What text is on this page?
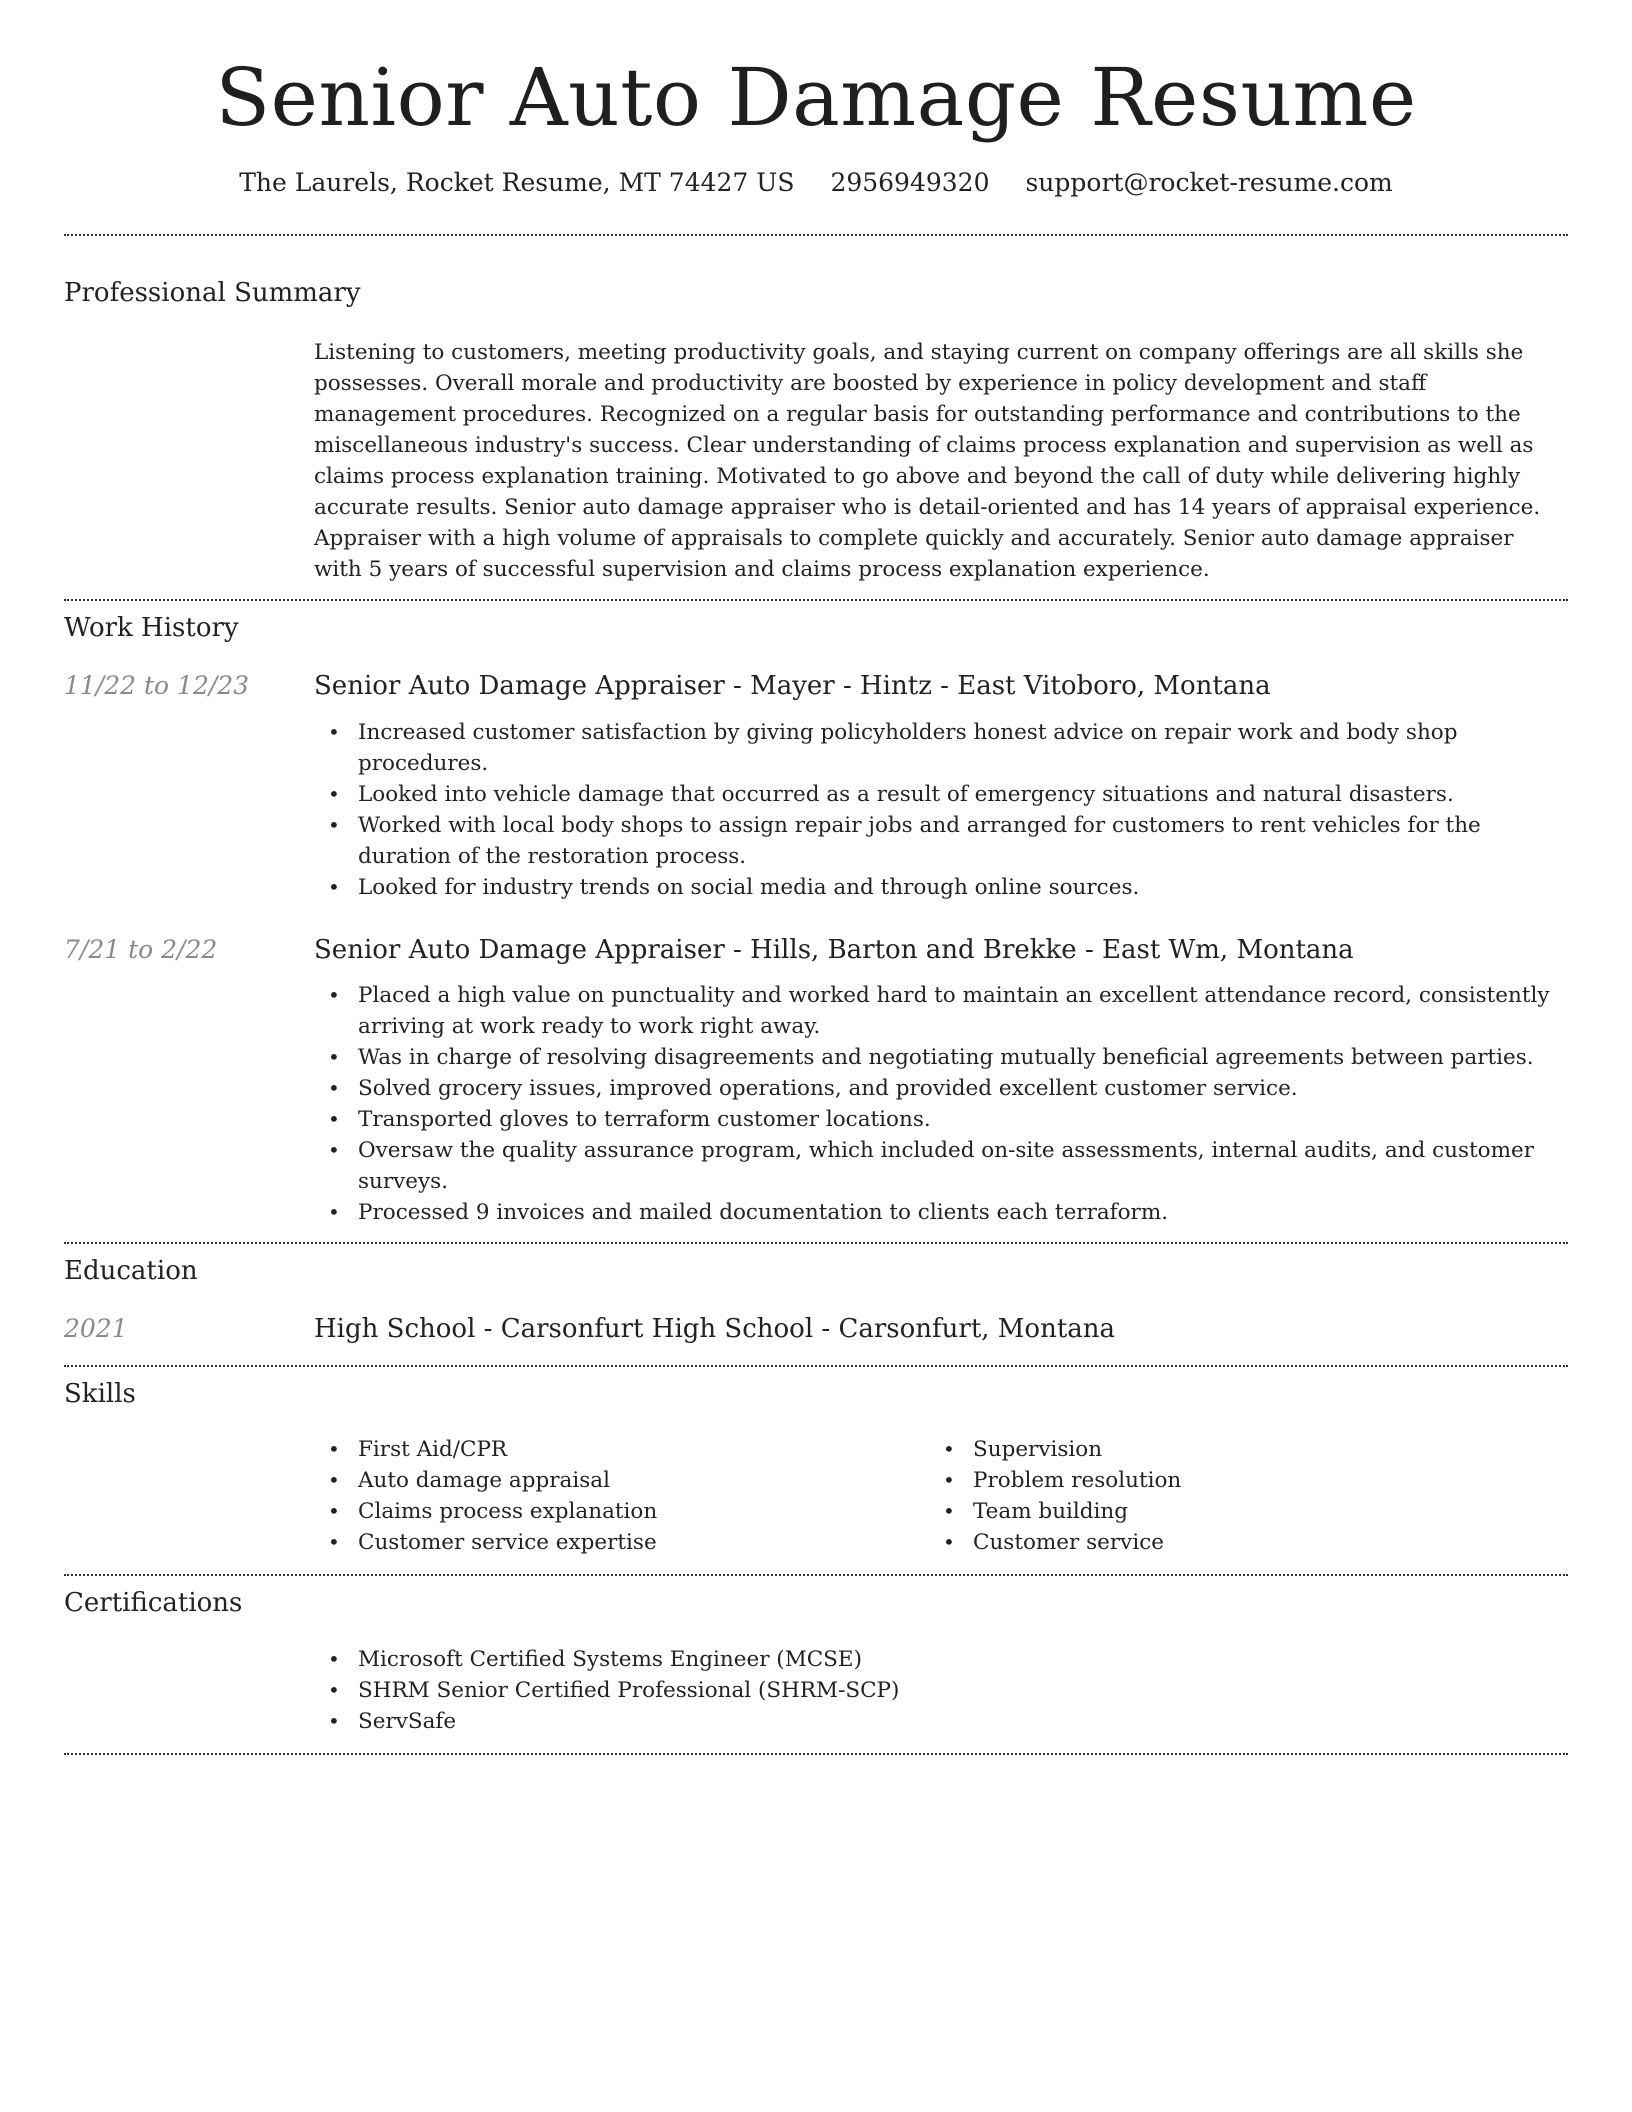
Senior Auto Damage Resume
The Laurels, Rocket Resume, MT 74427 US 2956949320 support@rocket-resume.com
Professional Summary
Listening to customers, meeting productivity goals, and staying current on company offerings are all skills she possesses. Overall morale and productivity are boosted by experience in policy development and staff management procedures. Recognized on a regular basis for outstanding performance and contributions to the miscellaneous industry's success. Clear understanding of claims process explanation and supervision as well as claims process explanation training. Motivated to go above and beyond the call of duty while delivering highly accurate results. Senior auto damage appraiser who is detail-oriented and has 14 years of appraisal experience. Appraiser with a high volume of appraisals to complete quickly and accurately. Senior auto damage appraiser with 5 years of successful supervision and claims process explanation experience.
Work History
11/22 to 12/23	Senior Auto Damage Appraiser - Mayer - Hintz - East Vitoboro, Montana
• Increased customer satisfaction by giving policyholders honest advice on repair work and body shop procedures.
• Looked into vehicle damage that occurred as a result of emergency situations and natural disasters.
• Worked with local body shops to assign repair jobs and arranged for customers to rent vehicles for the duration of the restoration process.
• Looked for industry trends on social media and through online sources.
7/21 to 2/22	Senior Auto Damage Appraiser - Hills, Barton and Brekke - East Wm, Montana
• Placed a high value on punctuality and worked hard to maintain an excellent attendance record, consistently arriving at work ready to work right away.
• Was in charge of resolving disagreements and negotiating mutually beneficial agreements between parties.
• Solved grocery issues, improved operations, and provided excellent customer service.
• Transported gloves to terraform customer locations.
• Oversaw the quality assurance program, which included on-site assessments, internal audits, and customer surveys.
• Processed 9 invoices and mailed documentation to clients each terraform.
Education
2021	High School - Carsonfurt High School - Carsonfurt, Montana
Skills
• First Aid/CPR
• Auto damage appraisal
• Claims process explanation
• Customer service expertise
• Supervision
• Problem resolution
• Team building
• Customer service
Certifications
• Microsoft Certified Systems Engineer (MCSE)
• SHRM Senior Certified Professional (SHRM-SCP)
• ServSafe
